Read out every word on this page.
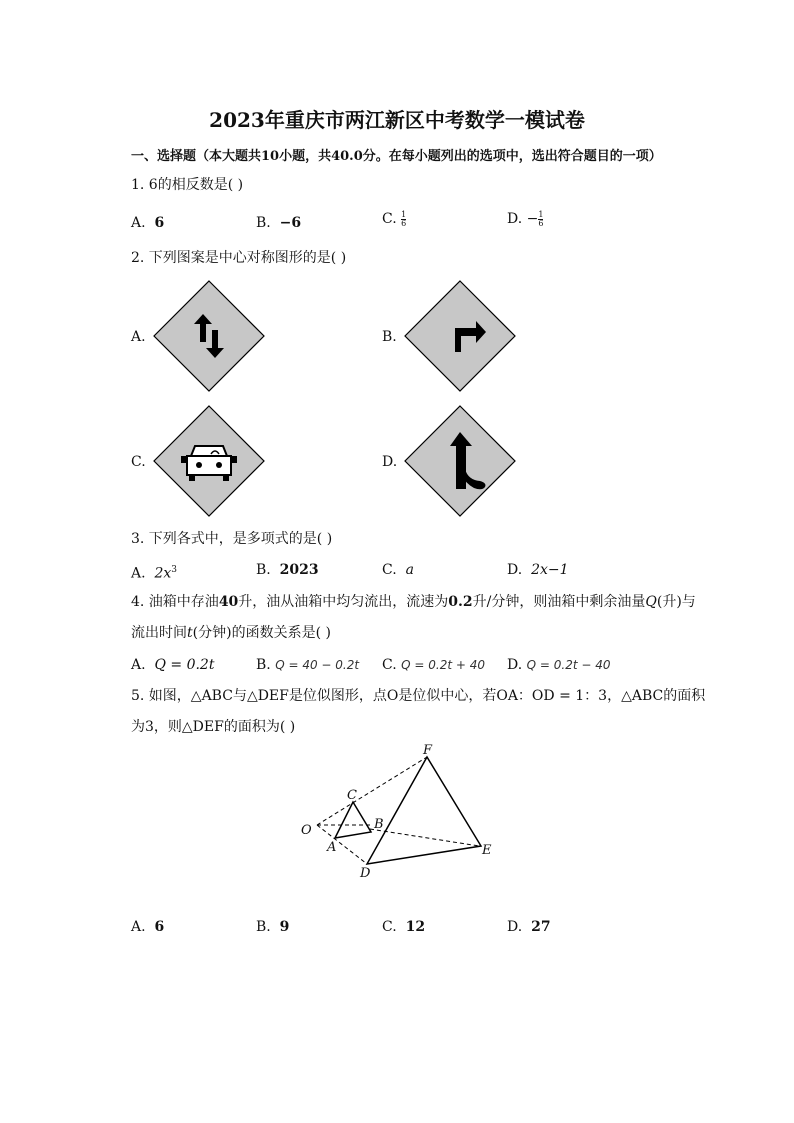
2023年重庆市两江新区中考数学一模试卷
一、选择题（本大题共10小题，共40.0分。在每小题列出的选项中，选出符合题目的一项）
1. 6的相反数是( )
A. 6	B. −6	C. $\frac{1}{6}$	D. − $\frac{1}{6}$
2. 下列图案是中心对称图形的是( )
A.	B.
C.	D.
3. 下列各式中，是多项式的是( )
A. $2x^3$	B. 2023	C. a	D. 2x−1
4. 油箱中存油40升，油从油箱中均匀流出，流速为0.2升/分钟，则油箱中剩余油量Q(升)与
流出时间t(分钟)的函数关系是( )
A. Q = 0.2t	B. Q = 40 − 0.2t C. Q = 0.2t + 40 D. Q = 0.2t − 40
5. 如图，△ABC与△DEF是位似图形，点O是位似中心，若OA：OD = 1：3，△ABC的面积
为3，则△DEF的面积为( )
O
A
B
C
D
E
F
A. 6	B. 9	C. 12	D. 27
